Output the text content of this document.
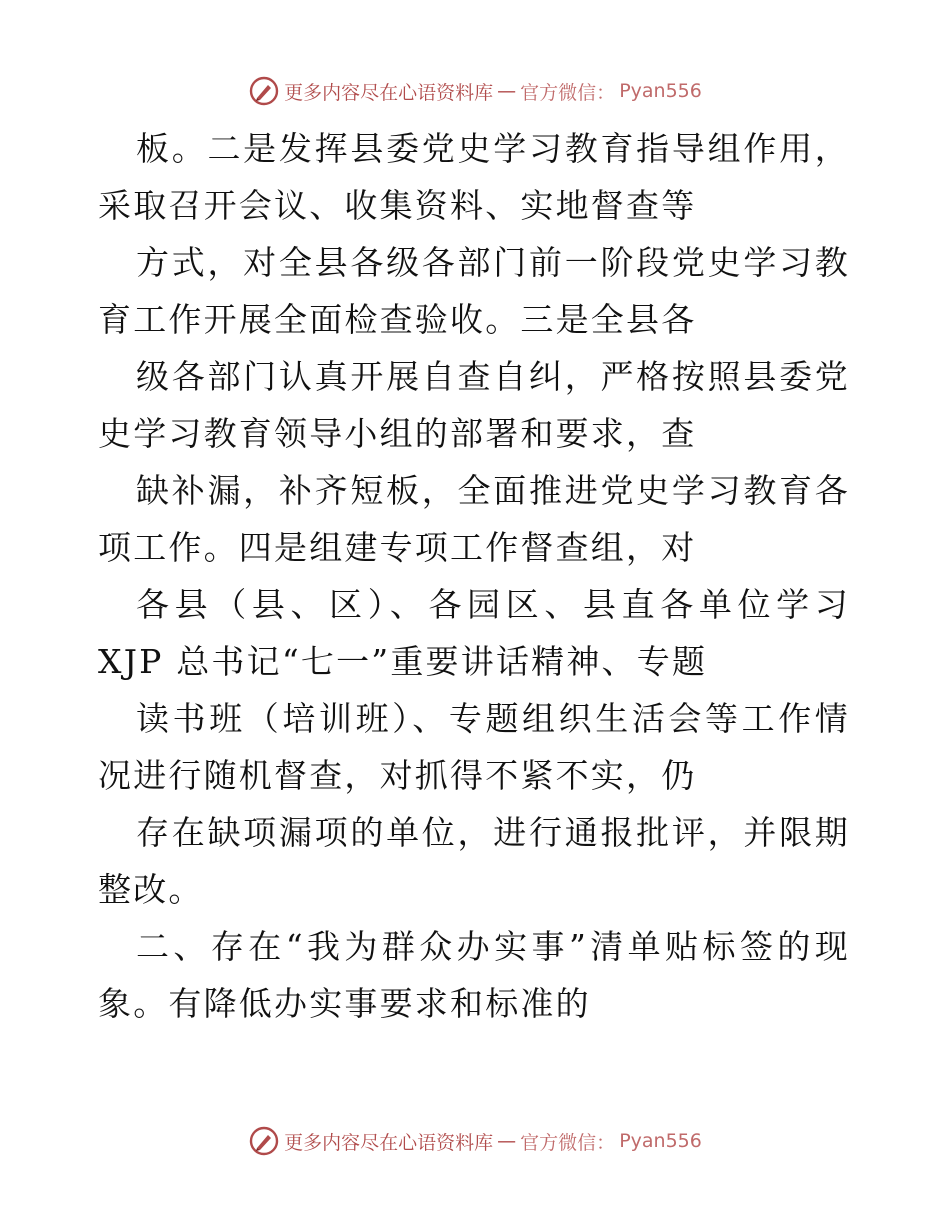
更多内容尽在心语资料库 — 官方微信： Pyan556

板。二是发挥县委党史学习教育指导组作用，采取召开会议、收集资料、实地督查等

方式，对全县各级各部门前一阶段党史学习教育工作开展全面检查验收。三是全县各

级各部门认真开展自查自纠，严格按照县委党史学习教育领导小组的部署和要求，查

缺补漏，补齐短板，全面推进党史学习教育各项工作。四是组建专项工作督查组，对

各县（县、区）、各园区、县直各单位学习 XJP 总书记“七一”重要讲话精神、专题

读书班（培训班）、专题组织生活会等工作情况进行随机督查，对抓得不紧不实，仍

存在缺项漏项的单位，进行通报批评，并限期整改。

二、存在“我为群众办实事”清单贴标签的现象。有降低办实事要求和标准的

更多内容尽在心语资料库 — 官方微信： Pyan556
